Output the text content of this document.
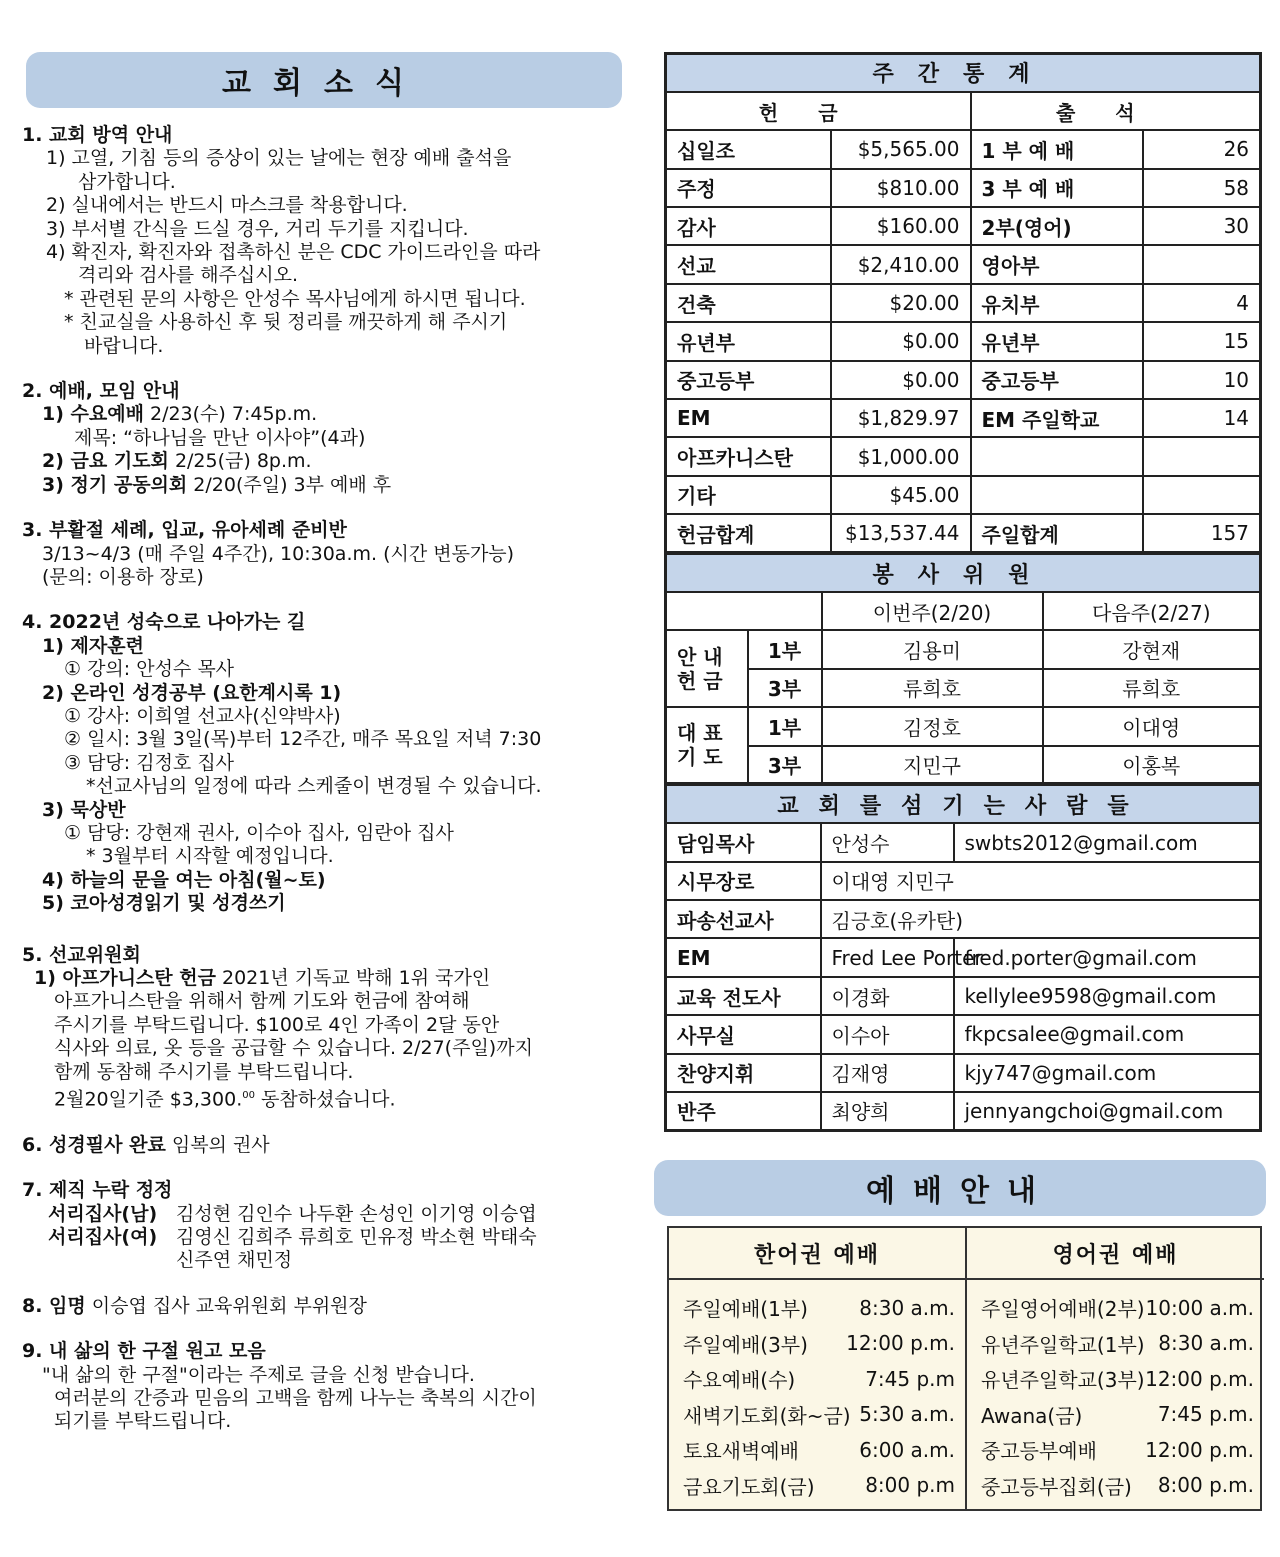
교회소식
1. 교회 방역 안내
1) 고열, 기침 등의 증상이 있는 날에는 현장 예배 출석을
삼가합니다.
2) 실내에서는 반드시 마스크를 착용합니다.
3) 부서별 간식을 드실 경우, 거리 두기를 지킵니다.
4) 확진자, 확진자와 접촉하신 분은 CDC 가이드라인을 따라
격리와 검사를 해주십시오.
* 관련된 문의 사항은 안성수 목사님에게 하시면 됩니다.
* 친교실을 사용하신 후 뒷 정리를 깨끗하게 해 주시기
바랍니다.
2. 예배, 모임 안내
1) 수요예배 2/23(수) 7:45p.m.
제목: “하나님을 만난 이사야”(4과)
2) 금요 기도회 2/25(금) 8p.m.
3) 정기 공동의회 2/20(주일) 3부 예배 후
3. 부활절 세례, 입교, 유아세례 준비반
3/13~4/3 (매 주일 4주간), 10:30a.m. (시간 변동가능)
(문의: 이용하 장로)
4. 2022년 성숙으로 나아가는 길
1) 제자훈련
① 강의: 안성수 목사
2) 온라인 성경공부 (요한계시록 1)
① 강사: 이희열 선교사(신약박사)
② 일시: 3월 3일(목)부터 12주간, 매주 목요일 저녁 7:30
③ 담당: 김정호 집사
*선교사님의 일정에 따라 스케줄이 변경될 수 있습니다.
3) 묵상반
① 담당: 강현재 권사, 이수아 집사, 임란아 집사
* 3월부터 시작할 예정입니다.
4) 하늘의 문을 여는 아침(월~토)
5) 코아성경읽기 및 성경쓰기
5. 선교위원회
1) 아프가니스탄 헌금 2021년 기독교 박해 1위 국가인
아프가니스탄을 위해서 함께 기도와 헌금에 참여해
주시기를 부탁드립니다. $100로 4인 가족이 2달 동안
식사와 의료, 옷 등을 공급할 수 있습니다. 2/27(주일)까지
함께 동참해 주시기를 부탁드립니다.
2월20일기준 $3,300.00 동참하셨습니다.
6. 성경필사 완료 임복의 권사
7. 제직 누락 정정
서리집사(남) 김성현 김인수 나두환 손성인 이기영 이승엽
서리집사(여) 김영신 김희주 류희호 민유정 박소현 박태숙
신주연 채민정
8. 임명 이승엽 집사 교육위원회 부위원장
9. 내 삶의 한 구절 원고 모음
"내 삶의 한 구절"이라는 주제로 글을 신청 받습니다.
여러분의 간증과 믿음의 고백을 함께 나누는 축복의 시간이
되기를 부탁드립니다.
주간통계			
헌금		출석	
십일조	$5,565.00	1 부 예 배	26
주정	$810.00	3 부 예 배	58
감사	$160.00	2부(영어)	30
선교	$2,410.00	영아부	
건축	$20.00	유치부	4
유년부	$0.00	유년부	15
중고등부	$0.00	중고등부	10
EM	$1,829.97	EM 주일학교	14
아프카니스탄	$1,000.00		
기타	$45.00		
헌금합계	$13,537.44	주일합계	157
봉사위원			
		이번주(2/20)	다음주(2/27)

안 내
헌 금	1부	김용미	강현재
	3부	류희호	류희호

대 표
기 도	1부	김정호	이대영
	3부	지민구	이홍복
교회를섬기는사람들		
담임목사	안성수	swbts2012@gmail.com
시무장로	이대영 지민구	
파송선교사	김긍호(유카탄)	
EM	Fred Lee Porter	fred.porter@gmail.com
교육 전도사	이경화	kellylee9598@gmail.com
사무실	이수아	fkpcsalee@gmail.com
찬양지휘	김재영	kjy747@gmail.com
반주	최양희	jennyangchoi@gmail.com
예배안내
한어권 예배
주일예배(1부)	8:30 a.m.
주일예배(3부) 12:00 p.m.
수요예배(수)	7:45 p.m
새벽기도회(화~금) 5:30 a.m.
토요새벽예배	6:00 a.m.
금요기도회(금)	8:00 p.m
영어권 예배
주일영어예배(2부) 10:00 a.m.
유년주일학교(1부) 8:30 a.m.
유년주일학교(3부) 12:00 p.m.
Awana(금)	7:45 p.m.
중고등부예배 12:00 p.m.
중고등부집회(금) 8:00 p.m.
